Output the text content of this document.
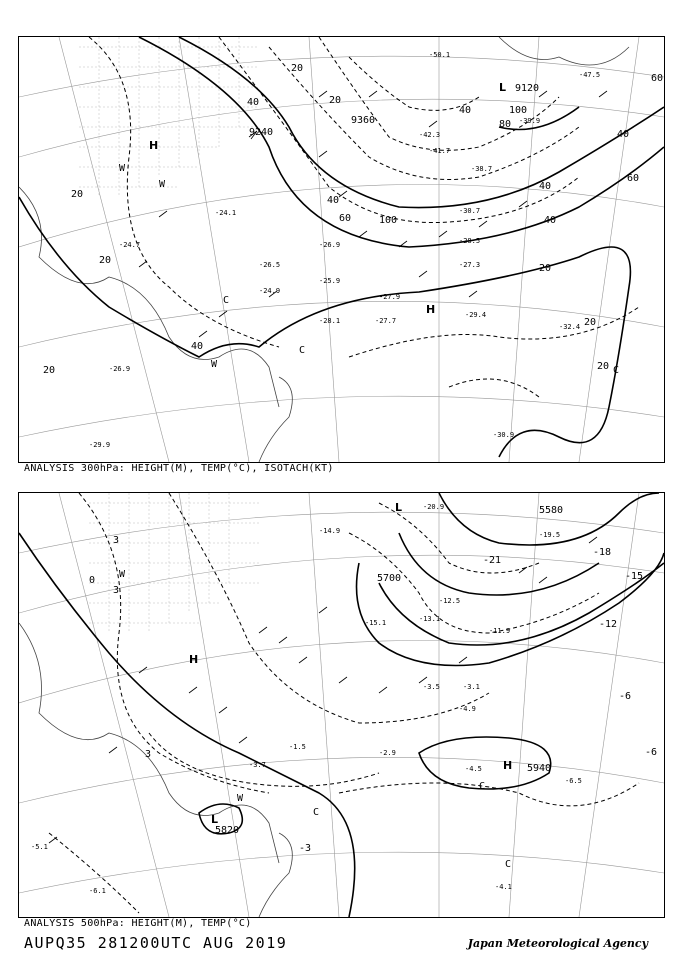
L 9120
9360
9240
H
H
20
20
20
20
20
20
20
20
40
40
40
40
40
40
40
60
60
80
100
100
60
-42.3
-41.7
-38.7
-30.7
-28.5
-27.3
-27.9
-27.7
-29.4
-32.4
-30.9
-26.9
-24.7
-26.5
-25.9
-28.1
-24.1
-24.9
-26.9
-29.9
-50.1
-47.5
-39.9
W
W
C
C
C
W
ANALYSIS 300hPa: HEIGHT(M), TEMP(°C), ISOTACH(KT)
5700
5580
5940
5820
H
H
L
L
3
-3
-6
-6
-12
-15
-18
-21
0
3
3
-12.5
-13.1
-15.1
-11.9
-4.5
-6.5
-4.1
-2.9
-1.5
-3.7
-5.1
-6.1
-4.9
-3.1
-3.5
-20.9
-19.5
-14.9
W
W
C
C
C
ANALYSIS 500hPa: HEIGHT(M), TEMP(°C)
AUPQ35 281200UTC AUG 2019	Japan Meteorological Agency
